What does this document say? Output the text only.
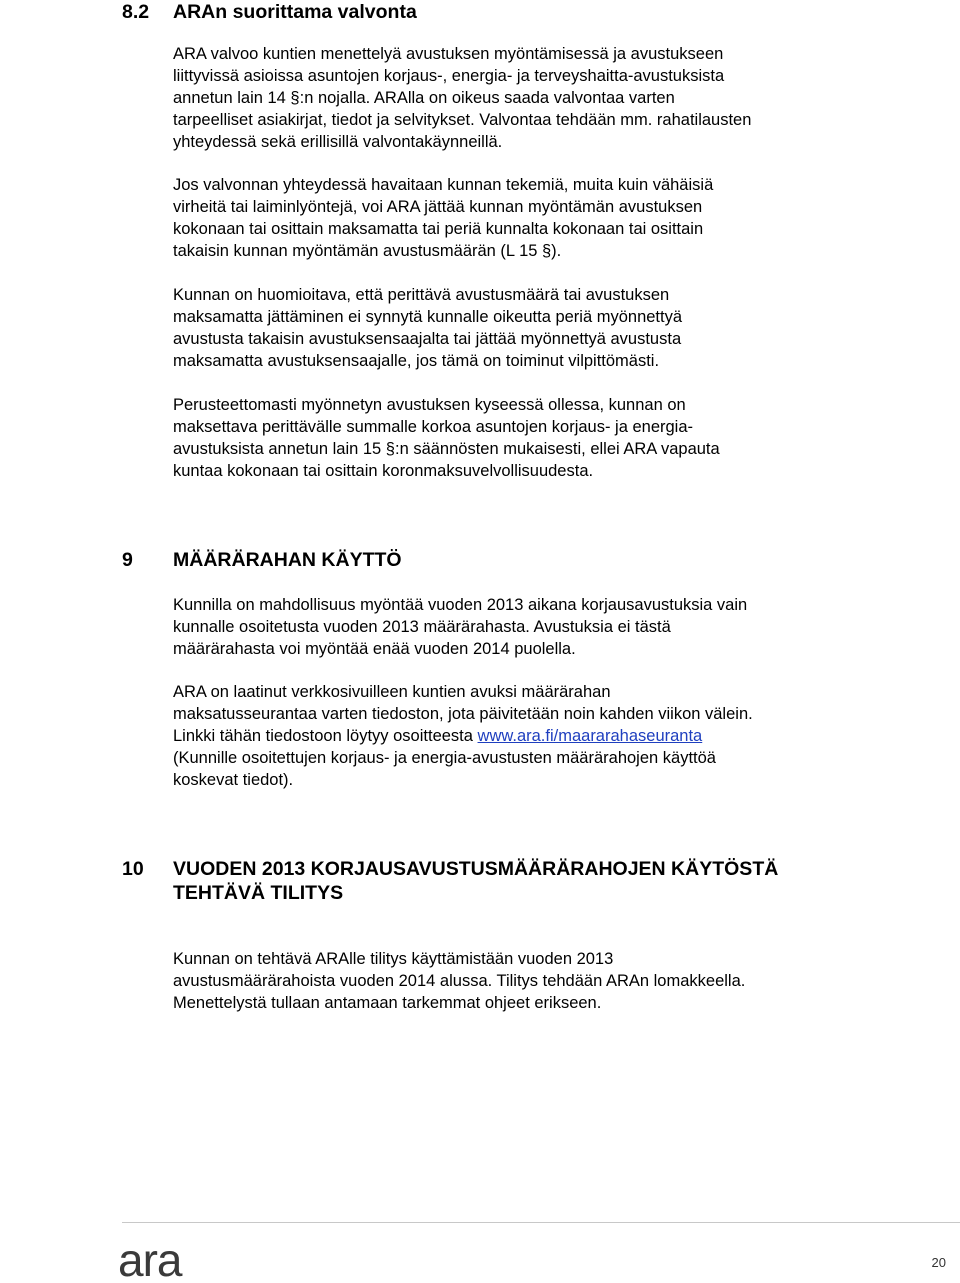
8.2 ARAn suorittama valvonta

ARA valvoo kuntien menettelyä avustuksen myöntämisessä ja avustukseen
liittyvissä asioissa asuntojen korjaus-, energia- ja terveyshaitta-avustuksista
annetun lain 14 §:n nojalla. ARAlla on oikeus saada valvontaa varten
tarpeelliset asiakirjat, tiedot ja selvitykset. Valvontaa tehdään mm. rahatilausten
yhteydessä sekä erillisillä valvontakäynneillä.

Jos valvonnan yhteydessä havaitaan kunnan tekemiä, muita kuin vähäisiä
virheitä tai laiminlyöntejä, voi ARA jättää kunnan myöntämän avustuksen
kokonaan tai osittain maksamatta tai periä kunnalta kokonaan tai osittain
takaisin kunnan myöntämän avustusmäärän (L 15 §).

Kunnan on huomioitava, että perittävä avustusmäärä tai avustuksen
maksamatta jättäminen ei synnytä kunnalle oikeutta periä myönnettyä
avustusta takaisin avustuksensaajalta tai jättää myönnettyä avustusta
maksamatta avustuksensaajalle, jos tämä on toiminut vilpittömästi.

Perusteettomasti myönnetyn avustuksen kyseessä ollessa, kunnan on
maksettava perittävälle summalle korkoa asuntojen korjaus- ja energia-
avustuksista annetun lain 15 §:n säännösten mukaisesti, ellei ARA vapauta
kuntaa kokonaan tai osittain koronmaksuvelvollisuudesta.

9 MÄÄRÄRAHAN KÄYTTÖ

Kunnilla on mahdollisuus myöntää vuoden 2013 aikana korjausavustuksia vain
kunnalle osoitetusta vuoden 2013 määrärahasta. Avustuksia ei tästä
määrärahasta voi myöntää enää vuoden 2014 puolella.

ARA on laatinut verkkosivuilleen kuntien avuksi määrärahan
maksatusseurantaa varten tiedoston, jota päivitetään noin kahden viikon välein.
Linkki tähän tiedostoon löytyy osoitteesta www.ara.fi/maararahaseuranta
(Kunnille osoitettujen korjaus- ja energia-avustusten määrärahojen käyttöä
koskevat tiedot).

10 VUODEN 2013 KORJAUSAVUSTUSMÄÄRÄRAHOJEN KÄYTÖSTÄ
TEHTÄVÄ TILITYS

Kunnan on tehtävä ARAlle tilitys käyttämistään vuoden 2013
avustusmäärärahoista vuoden 2014 alussa. Tilitys tehdään ARAn lomakkeella.
Menettelystä tullaan antamaan tarkemmat ohjeet erikseen.

ara	20
